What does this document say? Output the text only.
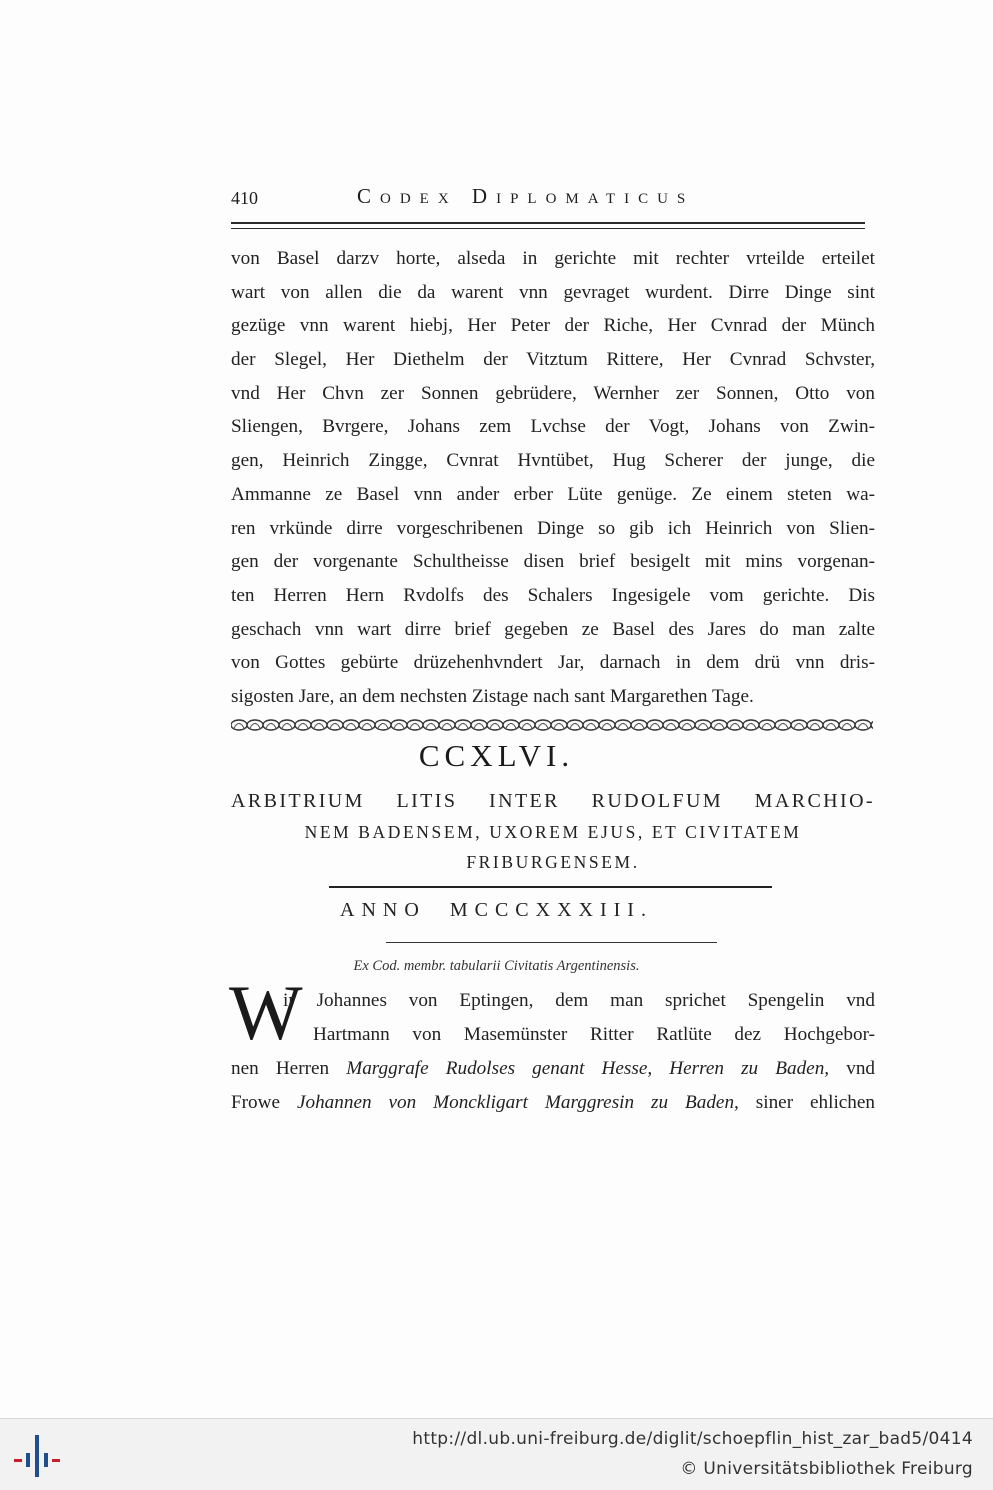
410	Codex Diplomaticus
von Basel darzv horte, alseda in gerichte mit rechter vrteilde erteilet
wart von allen die da warent vnn gevraget wurdent. Dirre Dinge sint
gezüge vnn warent hiebj, Her Peter der Riche, Her Cvnrad der Münch
der Slegel, Her Diethelm der Vitztum Rittere, Her Cvnrad Schvster,
vnd Her Chvn zer Sonnen gebrüdere, Wernher zer Sonnen, Otto von
Sliengen, Bvrgere, Johans zem Lvchse der Vogt, Johans von Zwin-
gen, Heinrich Zingge, Cvnrat Hvntübet, Hug Scherer der junge, die
Ammanne ze Basel vnn ander erber Lüte genüge. Ze einem steten wa-
ren vrkünde dirre vorgeschribenen Dinge so gib ich Heinrich von Slien-
gen der vorgenante Schultheisse disen brief besigelt mit mins vorgenan-
ten Herren Hern Rvdolfs des Schalers Ingesigele vom gerichte. Dis
geschach vnn wart dirre brief gegeben ze Basel des Jares do man zalte
von Gottes gebürte drüzehenhvndert Jar, darnach in dem drü vnn dris-
sigosten Jare, an dem nechsten Zistage nach sant Margarethen Tage.
CCXLVI.
ARBITRIUM LITIS INTER RUDOLFUM MARCHIO-
NEM BADENSEM, UXOREM EJUS, ET CIVITATEM
FRIBURGENSEM.
ANNO MCCCXXXIII.
Ex Cod. membr. tabularii Civitatis Argentinensis.
W
ir Johannes von Eptingen, dem man sprichet Spengelin vnd
Hartmann von Masemünster Ritter Ratlüte dez Hochgebor-
nen Herren Marggrafe Rudolses genant Hesse, Herren zu Baden, vnd
Frowe Johannen von Monckligart Marggresin zu Baden, siner ehlichen
http://dl.ub.uni-freiburg.de/diglit/schoepflin_hist_zar_bad5/0414
© Universitätsbibliothek Freiburg
